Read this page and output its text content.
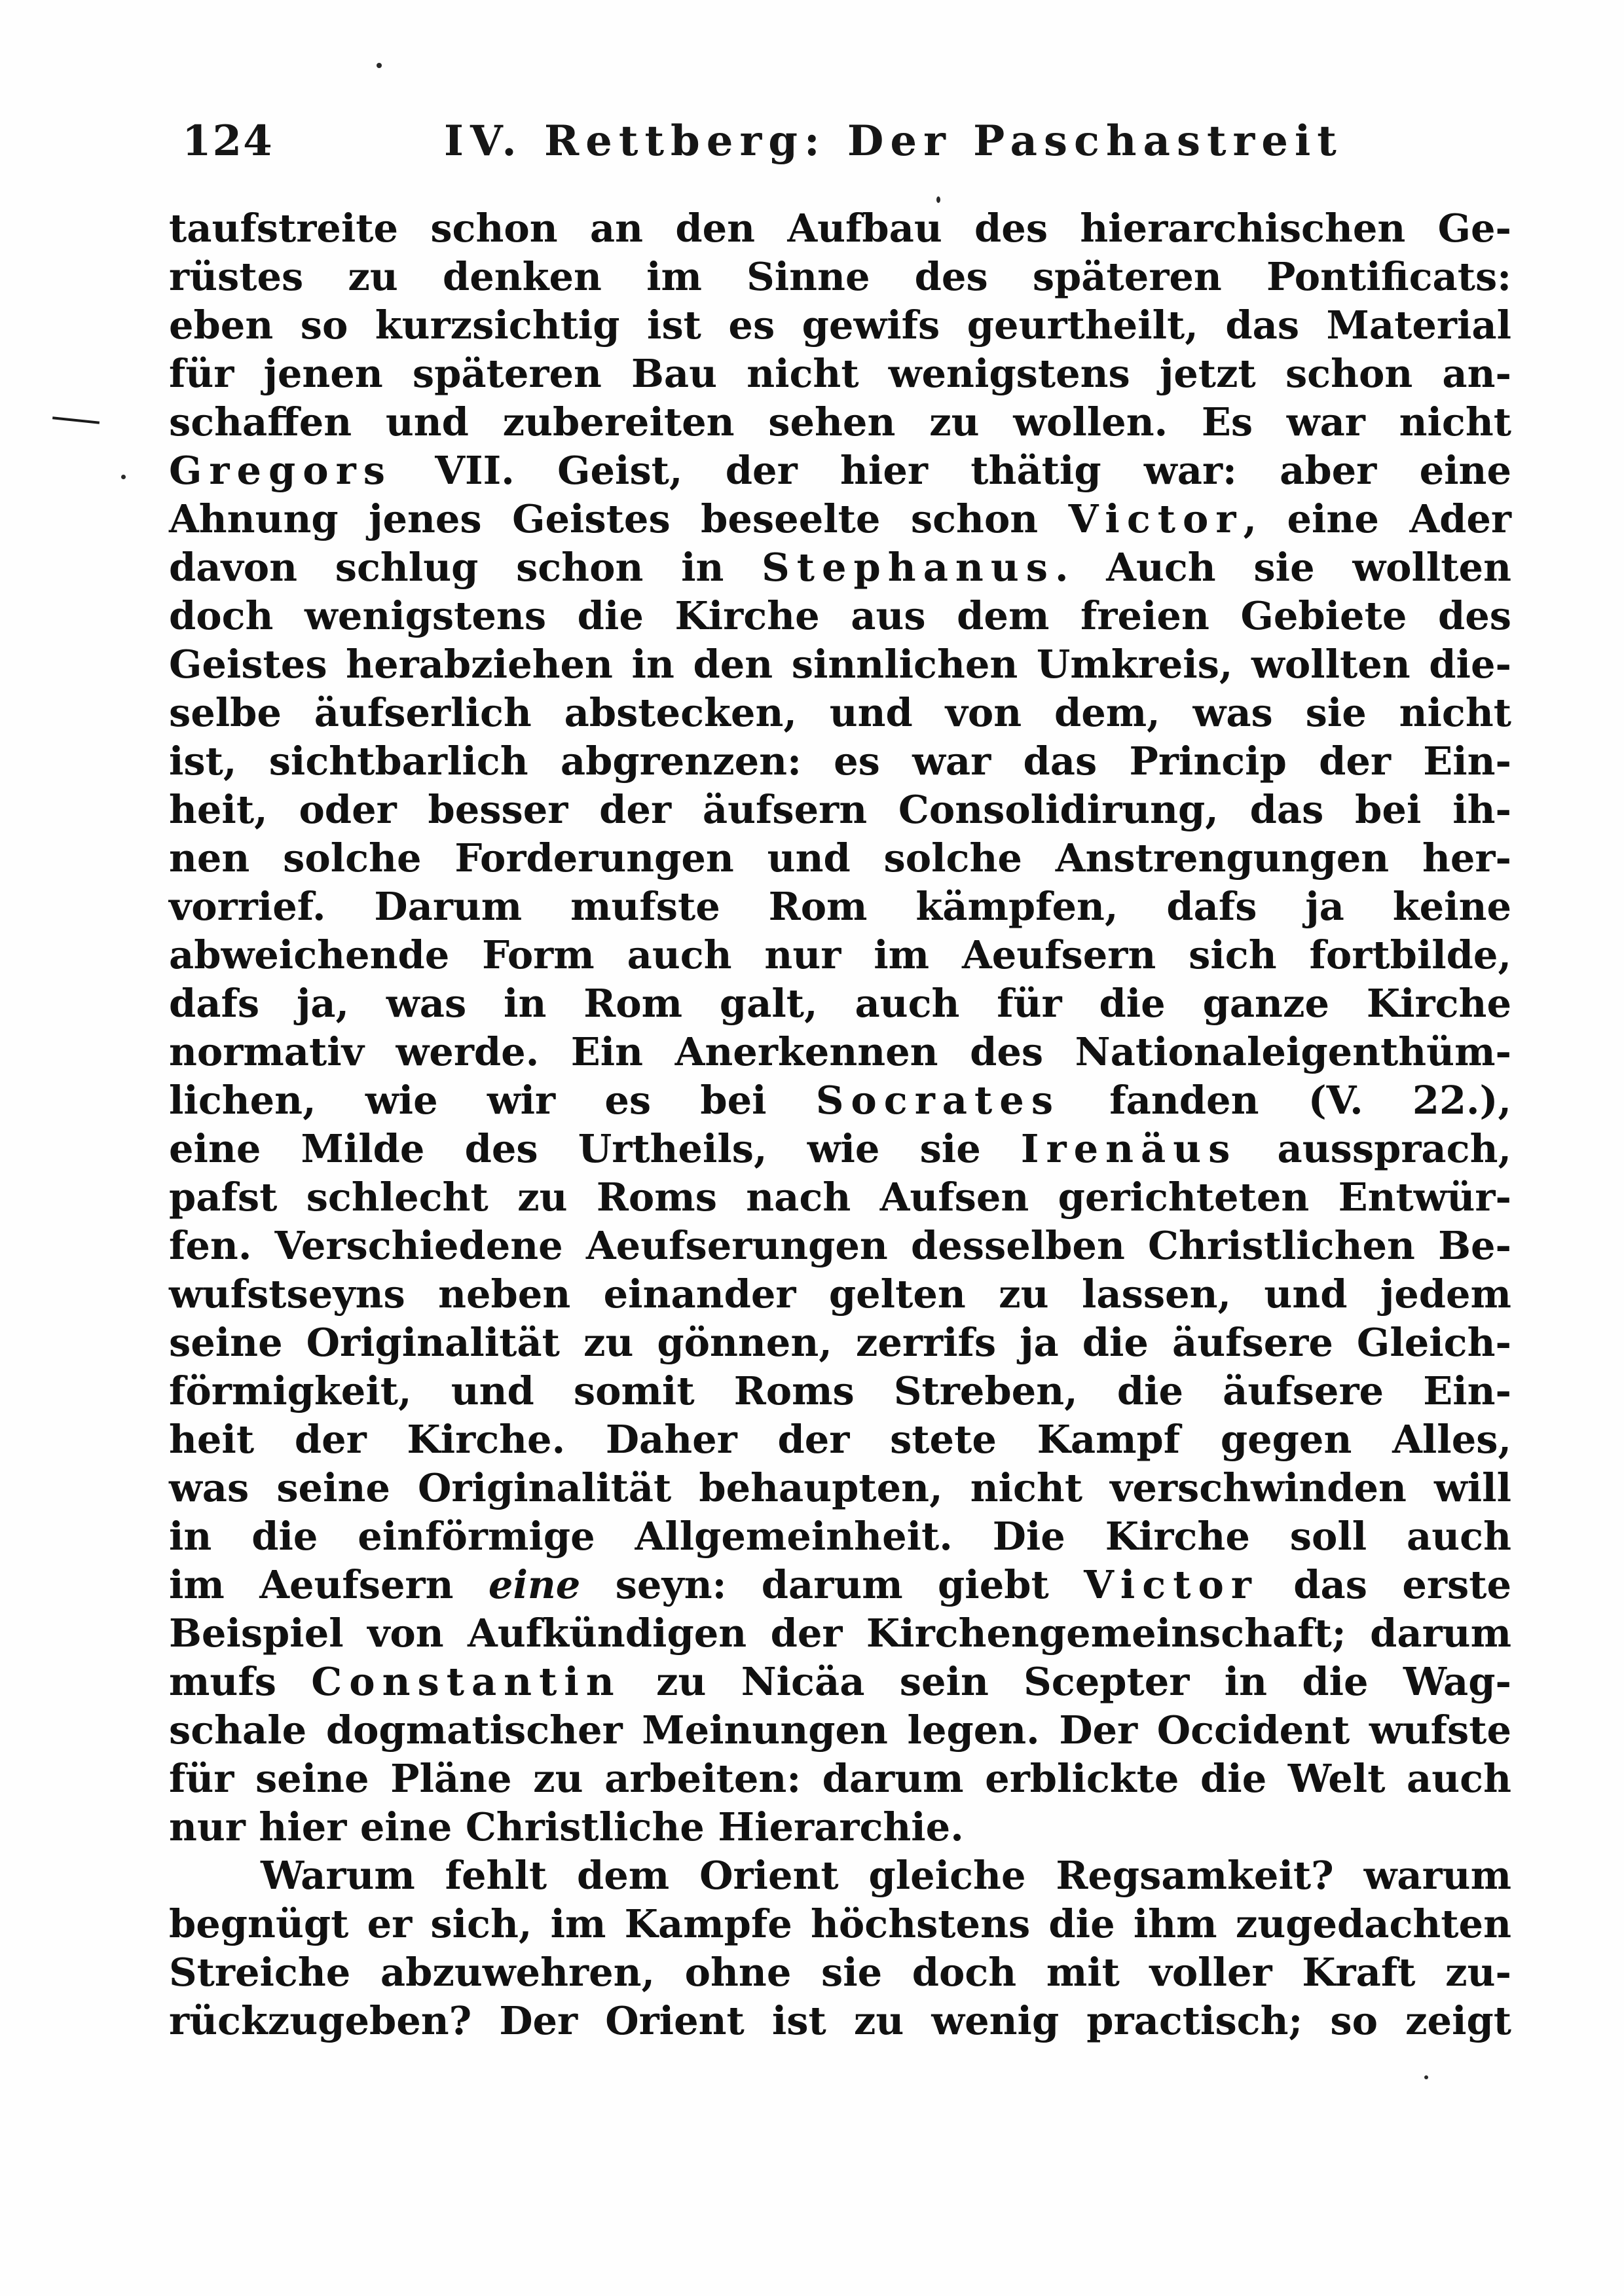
124	IV. Rettberg: Der Paschastreit
taufstreite schon an den Aufbau des hierarchischen Ge-
rüstes zu denken im Sinne des späteren Pontificats:
eben so kurzsichtig ist es gewifs geurtheilt, das Material
für jenen späteren Bau nicht wenigstens jetzt schon an-
schaffen und zubereiten sehen zu wollen. Es war nicht
Gregors VII. Geist, der hier thätig war: aber eine
Ahnung jenes Geistes beseelte schon Victor, eine Ader
davon schlug schon in Stephanus. Auch sie wollten
doch wenigstens die Kirche aus dem freien Gebiete des
Geistes herabziehen in den sinnlichen Umkreis, wollten die-
selbe äufserlich abstecken, und von dem, was sie nicht
ist, sichtbarlich abgrenzen: es war das Princip der Ein-
heit, oder besser der äufsern Consolidirung, das bei ih-
nen solche Forderungen und solche Anstrengungen her-
vorrief. Darum mufste Rom kämpfen, dafs ja keine
abweichende Form auch nur im Aeufsern sich fortbilde,
dafs ja, was in Rom galt, auch für die ganze Kirche
normativ werde. Ein Anerkennen des Nationaleigenthüm-
lichen, wie wir es bei Socrates fanden (V. 22.),
eine Milde des Urtheils, wie sie Irenäus aussprach,
pafst schlecht zu Roms nach Aufsen gerichteten Entwür-
fen. Verschiedene Aeufserungen desselben Christlichen Be-
wufstseyns neben einander gelten zu lassen, und jedem
seine Originalität zu gönnen, zerrifs ja die äufsere Gleich-
förmigkeit, und somit Roms Streben, die äufsere Ein-
heit der Kirche. Daher der stete Kampf gegen Alles,
was seine Originalität behaupten, nicht verschwinden will
in die einförmige Allgemeinheit. Die Kirche soll auch
im Aeufsern eine seyn: darum giebt Victor das erste
Beispiel von Aufkündigen der Kirchengemeinschaft; darum
mufs Constantin zu Nicäa sein Scepter in die Wag-
schale dogmatischer Meinungen legen. Der Occident wufste
für seine Pläne zu arbeiten: darum erblickte die Welt auch
nur hier eine Christliche Hierarchie.
Warum fehlt dem Orient gleiche Regsamkeit? warum
begnügt er sich, im Kampfe höchstens die ihm zugedachten
Streiche abzuwehren, ohne sie doch mit voller Kraft zu-
rückzugeben? Der Orient ist zu wenig practisch; so zeigt
